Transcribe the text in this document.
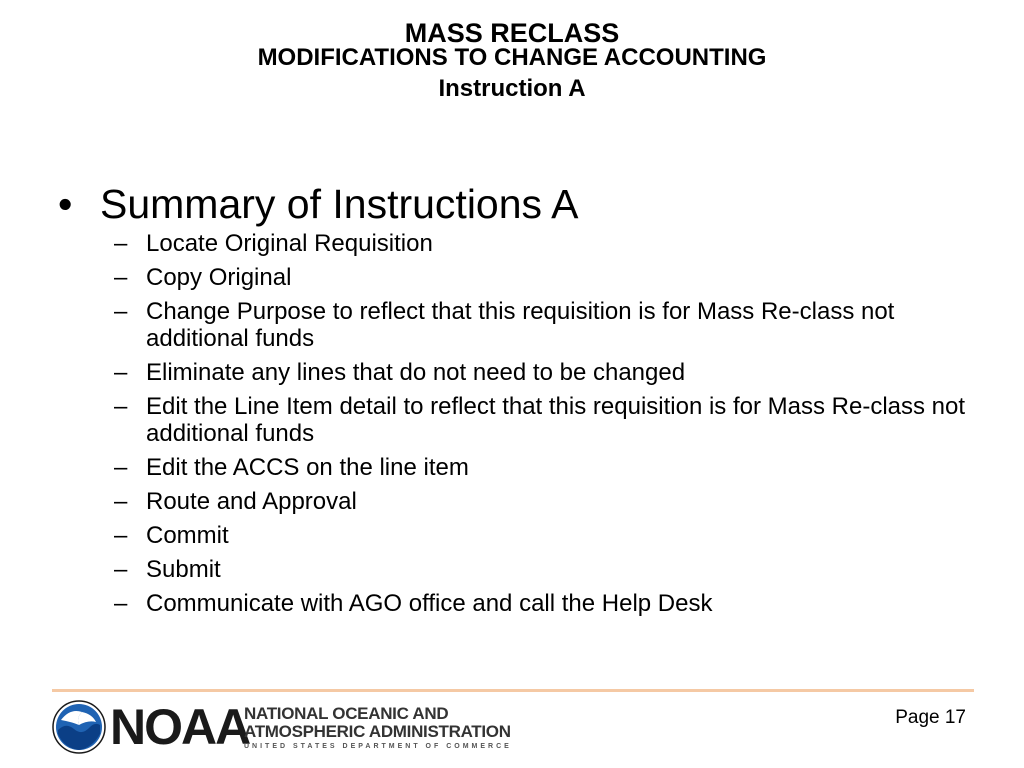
MASS RECLASS
MODIFICATIONS TO CHANGE ACCOUNTING
Instruction A
• Summary of Instructions A
– Locate Original Requisition
– Copy Original
– Change Purpose to reflect that this requisition is for Mass Re-class not additional funds
– Eliminate any lines that do not need to be changed
– Edit the Line Item detail to reflect that this requisition is for Mass Re-class not additional funds
– Edit the ACCS on the line item
– Route and Approval
– Commit
– Submit
– Communicate with AGO office and call the Help Desk
NOAA
NATIONAL OCEANIC AND
ATMOSPHERIC ADMINISTRATION
UNITED STATES DEPARTMENT OF COMMERCE
Page 17
